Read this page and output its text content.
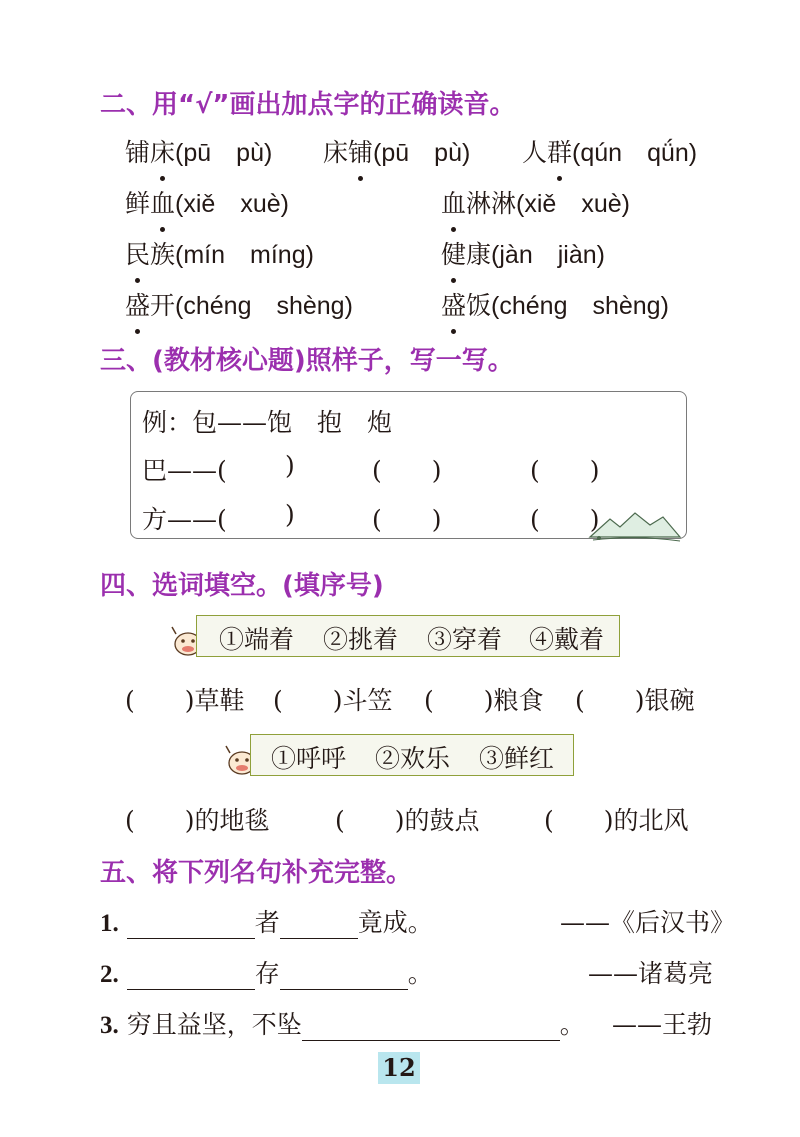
二、用“√”画出加点字的正确读音。
铺床(pū　pù) 床铺(pū　pù) 人群(qún　qǘn)
鲜血(xiě　xuè)	血淋淋(xiě　xuè)
民族(mín　míng)	健康(jàn　jiàn)
盛开(chéng　shèng)	盛饭(chéng　shèng)
三、(教材核心题)照样子，写一写。
例：包——饱　抱　炮
巴——( )	(　　)	(　　)
方——( )	(　　)	(　　)
四、选词填空。(填序号)
①端着 ②挑着 ③穿着 ④戴着
(　　)草鞋 (　　)斗笠 (　　)粮食 (　　)银碗
①呼呼 ②欢乐 ③鲜红
(　　)的地毯	(　　)的鼓点	(　　)的北风
五、将下列名句补充完整。
1.	者	竟成。	——《后汉书》
2.	存	。	——诸葛亮
3. 穷且益坚，不坠	。 ——王勃
12
